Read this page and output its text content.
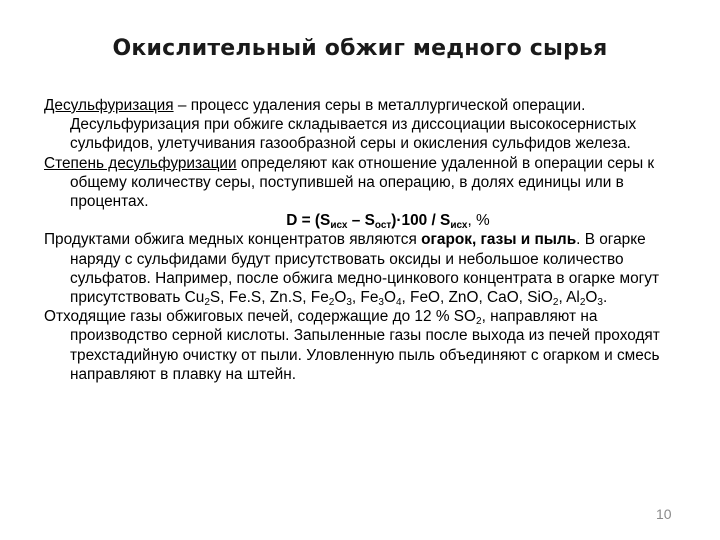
Окислительный обжиг медного сырья

Десульфуризация – процесс удаления серы в металлургической операции. Десульфуризация при обжиге складывается из диссоциации высокосернистых сульфидов, улетучивания газообразной серы и окисления сульфидов железа.

Степень десульфуризации определяют как отношение удаленной в операции серы к общему количеству серы, поступившей на операцию, в долях единицы или в процентах.

$D = (S_{исх} - S_{ост})\cdot 100 / S_{исх}$, %

Продуктами обжига медных концентратов являются огарок, газы и пыль. В огарке наряду с сульфидами будут присутствовать оксиды и небольшое количество сульфатов. Например, после обжига медно-цинкового концентрата в огарке могут присутствовать $Cu_2S$, Fe.S, Zn.S, $Fe_2O_3$, $Fe_3O_4$, FeO, ZnO, CaO, SiO$_2$, $Al_2O_3$.

Отходящие газы обжиговых печей, содержащие до 12 % $SO_2$, направляют на производство серной кислоты. Запыленные газы после выхода из печей проходят трехстадийную очистку от пыли. Уловленную пыль объединяют с огарком и смесь направляют в плавку на штейн.

10
